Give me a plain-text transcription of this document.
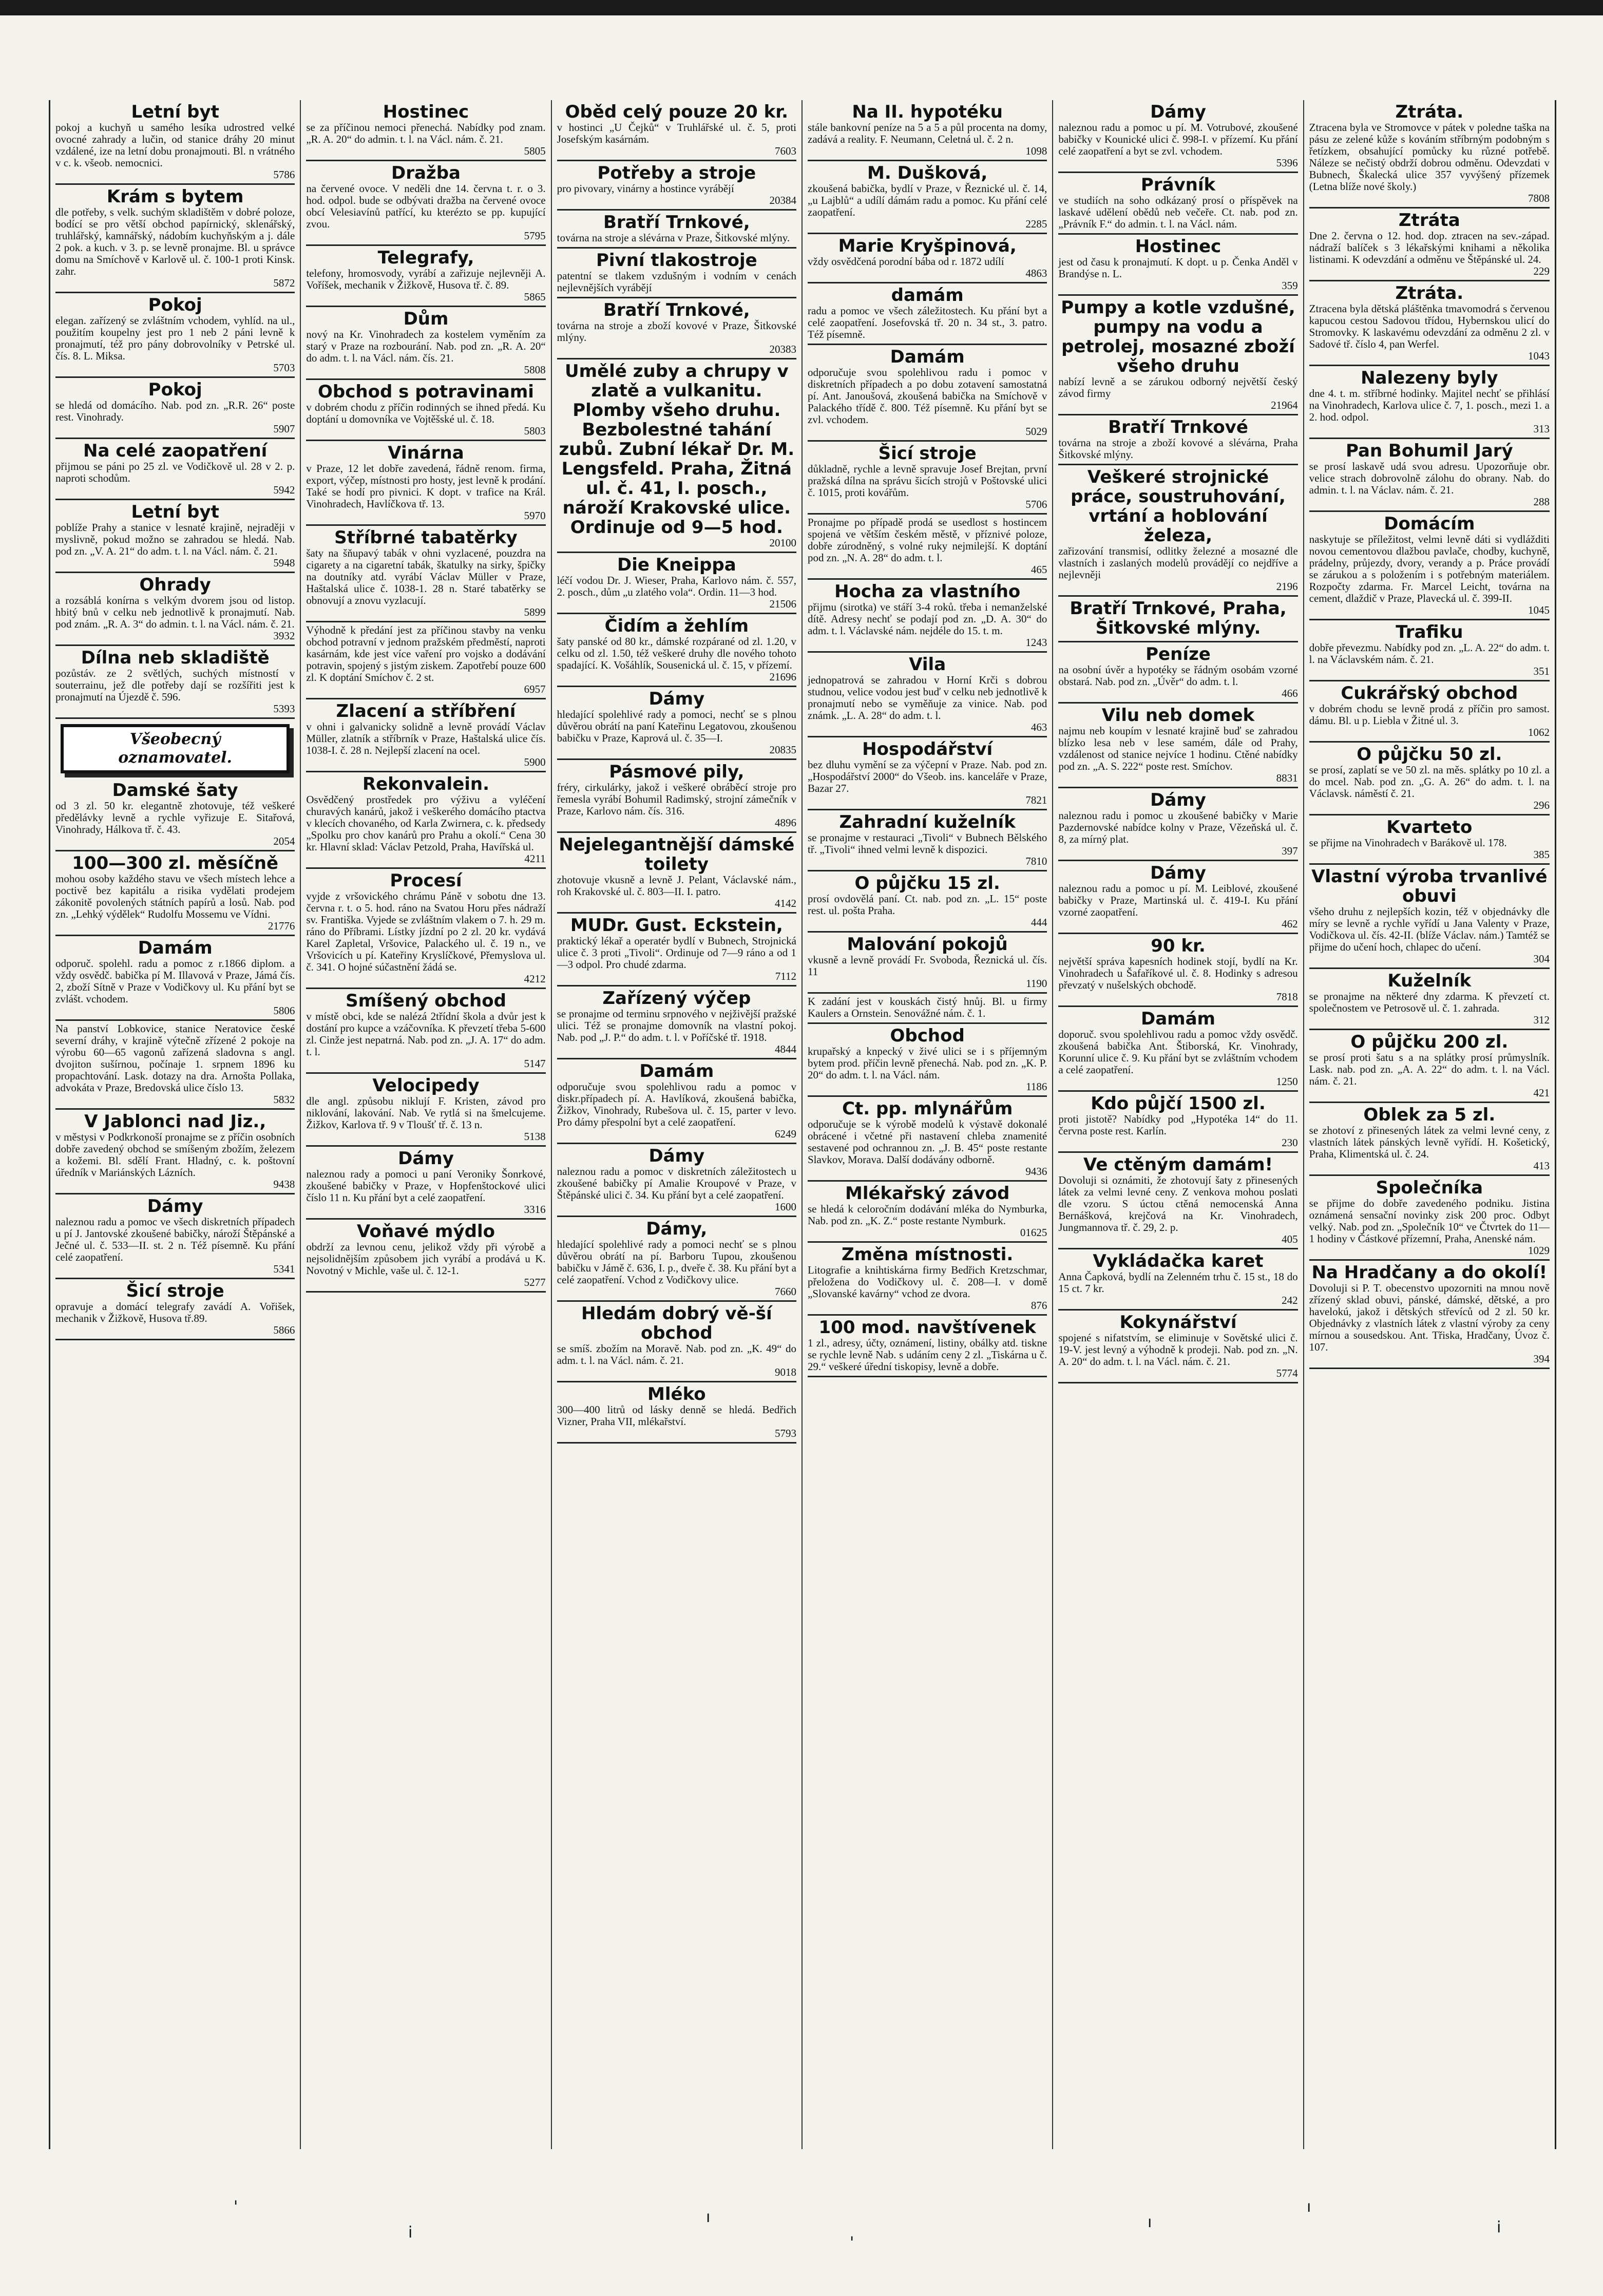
Letní byt

pokoj a kuchyň u samého lesíka udrostred velké ovocné zahrady a lučin, od stanice dráhy 20 minut vzdálené, ize na letní dobu pronajmouti. Bl. n vrátného v c. k. všeob. nemocnici.

5786
Krám s bytem

dle potřeby, s velk. suchým skladištěm v dobré poloze, bodící se pro větší obchod papírnický, sklenářský, truhlářský, kamnářský, nádobím kuchyňským a j. dále 2 pok. a kuch. v 3. p. se levně pronajme. Bl. u správce domu na Smíchově v Karlově ul. č. 100-1 proti Kinsk. zahr.

5872
Pokoj

elegan. zařízený se zvláštním vchodem, vyhlíd. na ul., použitím koupelny jest pro 1 neb 2 páni levně k pronajmutí, též pro pány dobrovolníky v Petrské ul. čís. 8. L. Miksa.

5703
Pokoj

se hledá od domácího. Nab. pod zn. „R.R. 26“ poste rest. Vinohrady.

5907
Na celé zaopatření

přijmou se páni po 25 zl. ve Vodičkově ul. 28 v 2. p. naproti schodům.

5942
Letní byt

poblíže Prahy a stanice v lesnaté krajině, nejraději v myslivně, pokud možno se zahradou se hledá. Nab. pod zn. „V. A. 21“ do adm. t. l. na Václ. nám. č. 21.

5948
Ohrady

a rozsáblá konírna s velkým dvorem jsou od listop. hbitý bnů v celku neb jednotlivě k pronajmutí. Nab. pod znám. „R. A. 3“ do admin. t. l. na Václ. nám. č. 21.

3932
Dílna neb skladiště

pozůstáv. ze 2 světlých, suchých místností v souterrainu, jež dle potřeby dají se rozšířiti jest k pronajmutí na Újezdě č. 596.

5393
Všeobecný
oznamovatel.
Damské šaty

od 3 zl. 50 kr. elegantně zhotovuje, též veškeré předělávky levně a rychle vyřizuje E. Sitařová, Vinohrady, Hálkova tř. č. 43.

2054
100—300 zl. měsíčně

mohou osoby každého stavu ve všech místech lehce a poctivě bez kapitálu a risika vydělati prodejem zákonitě povolených státních papírů a losů. Nab. pod zn. „Lehký výdělek“ Rudolfu Mossemu ve Vídni.

21776
Damám

odporuč. spolehl. radu a pomoc z r.1866 diplom. a vždy osvědč. babička pí M. Illavová v Praze, Jámá čís. 2, zboží Sítně v Praze v Vodičkovy ul. Ku přání byt se zvlášt. vchodem.

5806

Na panství Lobkovice, stanice Neratovice české severní dráhy, v krajině výtečně zřízené 2 pokoje na výrobu 60—65 vagonů zařízená sladovna s angl. dvojiton sušírnou, počínaje 1. srpnem 1896 ku propachtování. Lask. dotazy na dra. Arnošta Pollaka, advokáta v Praze, Bredovská ulice číslo 13.

5832
V Jablonci nad Jiz.,

v městysi v Podkrkonoší pronajme se z příčin osobních dobře zavedený obchod se smíšeným zbožím, železem a kožemi. Bl. sdělí Frant. Hladný, c. k. poštovní úředník v Mariánských Lázních.

9438
Dámy

naleznou radu a pomoc ve všech diskretních případech u pí J. Jantovské zkoušené babičky, nároží Štěpánské a Ječné ul. č. 533—II. st. 2 n. Též písemně. Ku přání celé zaopatření.

5341
Šicí stroje

opravuje a domácí telegrafy zavádí A. Vořišek, mechanik v Žižkově, Husova tř.89.

5866
Hostinec

se za příčinou nemoci přenechá. Nabídky pod znam. „R. A. 20“ do admin. t. l. na Václ. nám. č. 21.

5805
Dražba

na červené ovoce. V neděli dne 14. června t. r. o 3. hod. odpol. bude se odbývati dražba na červené ovoce obcí Velesiavínů patřící, ku kterézto se pp. kupující zvou.

5795
Telegrafy,

telefony, hromosvody, vyrábí a zařizuje nejlevněji A. Voříšek, mechanik v Žižkově, Husova tř. č. 89.

5865
Dům

nový na Kr. Vinohradech za kostelem vyměním za starý v Praze na rozbourání. Nab. pod zn. „R. A. 20“ do adm. t. l. na Václ. nám. čís. 21.

5808
Obchod s potravinami

v dobrém chodu z příčin rodinných se ihned předá. Ku doptání u domovníka ve Vojtěšské ul. č. 18.

5803
Vinárna

v Praze, 12 let dobře zavedená, řádně renom. firma, export, výčep, místnosti pro hosty, jest levně k prodání. Také se hodí pro pivnici. K dopt. v trafice na Král. Vinohradech, Havlíčkova tř. 13.

5970
Stříbrné tabatěrky

šaty na šňupavý tabák v ohni vyzlacené, pouzdra na cigarety a na cigaretní tabák, škatulky na sirky, špičky na doutníky atd. vyrábí Václav Müller v Praze, Haštalská ulice č. 1038-1. 28 n. Staré tabatěrky se obnovují a znovu vyzlacují.

5899

Výhodně k předání jest za příčinou stavby na venku obchod potravní v jednom pražském předměstí, naproti kasárnám, kde jest více vaření pro vojsko a dodávání potravin, spojený s jistým ziskem. Zapotřebí pouze 600 zl. K doptání Smíchov č. 2 st.

6957
Zlacení a stříbření

v ohni i galvanicky solidně a levně provádí Václav Müller, zlatník a stříbrník v Praze, Haštalská ulice čís. 1038-I. č. 28 n. Nejlepší zlacení na ocel.

5900
Rekonvalein.

Osvědčený prostředek pro výživu a vyléčení churavých kanárů, jakož i veškerého domácího ptactva v klecích chovaného, od Karla Zwirnera, c. k. předsedy „Spolku pro chov kanárů pro Prahu a okolí.“ Cena 30 kr. Hlavní sklad: Václav Petzold, Praha, Havířská ul.

4211
Procesí

vyjde z vršovického chrámu Páně v sobotu dne 13. června r. t. o 5. hod. ráno na Svatou Horu přes nádraží sv. Františka. Vyjede se zvláštním vlakem o 7. h. 29 m. ráno do Příbrami. Lístky jízdní po 2 zl. 20 kr. vydává Karel Zapletal, Vršovice, Palackého ul. č. 19 n., ve Vršovicích u pí. Kateřiny Kryslíčkové, Přemyslova ul. č. 341. O hojné súčastnění žádá se.

4212
Smíšený obchod

v místě obci, kde se nalézá 2třídní škola a dvůr jest k dostání pro kupce a vzáčovníka. K převzetí třeba 5-600 zl. Cinže jest nepatrná. Nab. pod zn. „J. A. 17“ do adm. t. l.

5147
Velocipedy

dle angl. způsobu niklují F. Kristen, závod pro niklování, lakování. Nab. Ve rytlá si na šmelcujeme. Žižkov, Karlova tř. 9 v Tloušť tř. č. 13 n.

5138
Dámy

naleznou rady a pomoci u paní Veroniky Šonrkové, zkoušené babičky v Praze, v Hopfenštockové ulici číslo 11 n. Ku přání byt a celé zaopatření.

3316
Voňavé mýdlo

obdrží za levnou cenu, jelikož vždy při výrobě a nejsolidnějším způsobem jich vyrábí a prodává u K. Novotný v Michle, vaše ul. č. 12-1.

5277
Oběd celý pouze 20 kr.

v hostinci „U Čejků“ v Truhlářské ul. č. 5, proti Josefským kasárnám.

7603
Potřeby a stroje

pro pivovary, vinárny a hostince vyrábějí

20384
Bratří Trnkové,

továrna na stroje a slévárna v Praze, Šitkovské mlýny.

Pivní tlakostroje

patentní se tlakem vzdušným i vodním v cenách nejlevnějších vyrábějí

Bratří Trnkové,

továrna na stroje a zboží kovové v Praze, Šitkovské mlýny.

20383
Umělé zuby a chrupy v zlatě a vulkanitu. Plomby všeho druhu. Bezbolestné tahání zubů. Zubní lékař Dr. M. Lengsfeld. Praha, Žitná ul. č. 41, I. posch., nároží Krakovské ulice. Ordinuje od 9—5 hod.
20100
Die Kneippa

léčí vodou Dr. J. Wieser, Praha, Karlovo nám. č. 557, 2. posch., dům „u zlatého vola“. Ordin. 11—3 hod.

21506
Čidím a žehlím

šaty panské od 80 kr., dámské rozpárané od zl. 1.20, v celku od zl. 1.50, též veškeré druhy dle nového tohoto spadající. K. Vošáhlík, Sousenická ul. č. 15, v přízemí.

21696
Dámy

hledající spolehlivé rady a pomoci, nechť se s plnou důvěrou obrátí na paní Kateřinu Legatovou, zkoušenou babičku v Praze, Kaprová ul. č. 35—I.

20835
Pásmové pily,

fréry, cirkulárky, jakož i veškeré obráběcí stroje pro řemesla vyrábí Bohumil Radimský, strojní zámečník v Praze, Karlovo nám. čís. 316.

4896
Nejelegantnější dámské toilety

zhotovuje vkusně a levně J. Pelant, Václavské nám., roh Krakovské ul. č. 803—II. I. patro.

4142
MUDr. Gust. Eckstein,

praktický lékař a operatér bydlí v Bubnech, Strojnická ulice č. 3 proti „Tivoli“. Ordinuje od 7—9 ráno a od 1—3 odpol. Pro chudé zdarma.

7112
Zařízený výčep

se pronajme od terminu srpnového v nejživější pražské ulici. Též se pronajme domovník na vlastní pokoj. Nab. pod „J. P.“ do adm. t. l. v Poříčské tř. 1918.

4844
Damám

odporučuje svou spolehlivou radu a pomoc v diskr.případech pí. A. Havlíková, zkoušená babička, Žižkov, Vinohrady, Rubešova ul. č. 15, parter v levo. Pro dámy přespolní byt a celé zaopatření.

6249
Dámy

naleznou radu a pomoc v diskretních záležitostech u zkoušené babičky pí Amalie Kroupové v Praze, v Štěpánské ulici č. 34. Ku přání byt a celé zaopatření.

1600
Dámy,

hledající spolehlivé rady a pomoci nechť se s plnou důvěrou obrátí na pí. Barboru Tupou, zkoušenou babičku v Jámě č. 636, I. p., dveře č. 38. Ku přání byt a celé zaopatření. Vchod z Vodičkovy ulice.

7660
Hledám dobrý vě-ší obchod

se smíš. zbožím na Moravě. Nab. pod zn. „K. 49“ do adm. t. l. na Václ. nám. č. 21.

9018
Mléko

300—400 litrů od lásky denně se hledá. Bedřich Vizner, Praha VII, mlékařství.

5793
Na II. hypotéku

stále bankovní peníze na 5 a 5 a půl procenta na domy, zadává a reality. F. Neumann, Celetná ul. č. 2 n.

1098
M. Dušková,

zkoušená babička, bydlí v Praze, v Řeznické ul. č. 14, „u Lajblů“ a udílí dámám radu a pomoc. Ku přání celé zaopatření.

2285
Marie Kryšpinová,

vždy osvědčená porodní bába od r. 1872 udílí

4863
damám

radu a pomoc ve všech záležitostech. Ku přání byt a celé zaopatření. Josefovská tř. 20 n. 34 st., 3. patro. Též písemně.

Damám

odporučuje svou spolehlivou radu i pomoc v diskretních případech a po dobu zotavení samostatná pí. Ant. Janoušová, zkoušená babička na Smíchově v Palackého třídě č. 800. Též písemně. Ku přání byt se zvl. vchodem.

5029
Šicí stroje

důkladně, rychle a levně spravuje Josef Brejtan, první pražská dílna na správu šicích strojů v Poštovské ulici č. 1015, proti kovářům.

5706

Pronajme po případě prodá se usedlost s hostincem spojená ve větším českém městě, v příznivé poloze, dobře zúrodněný, s volné ruky nejmilejší. K doptání pod zn. „N. A. 28“ do adm. t. l.

465
Hocha za vlastního

přijmu (sirotka) ve stáří 3-4 roků. třeba i nemanželské dítě. Adresy nechť se podají pod zn. „D. A. 30“ do adm. t. l. Václavské nám. nejdéle do 15. t. m.

1243
Vila

jednopatrová se zahradou v Horní Krči s dobrou studnou, velice vodou jest buď v celku neb jednotlivě k pronajmutí nebo se vyměňuje za vinice. Nab. pod známk. „L. A. 28“ do adm. t. l.

463
Hospodářství

bez dluhu vymění se za výčepní v Praze. Nab. pod zn. „Hospodářství 2000“ do Všeob. ins. kanceláře v Praze, Bazar 27.

7821
Zahradní kuželník

se pronajme v restauraci „Tivoli“ v Bubnech Bělského tř. „Tivoli“ ihned velmi levně k dispozici.

7810
O půjčku 15 zl.

prosí ovdovělá paní. Ct. nab. pod zn. „L. 15“ poste rest. ul. pošta Praha.

444
Malování pokojů

vkusně a levně provádí Fr. Svoboda, Řeznická ul. čís. 11

1190

K zadání jest v kouskách čistý hnůj. Bl. u firmy Kaulers a Ornstein. Senovážné nám. č. 1.

Obchod

krupařský a knpecký v živé ulici se i s příjemným bytem prod. příčin levně přenechá. Nab. pod zn. „K. P. 20“ do adm. t. l. na Václ. nám.

1186
Ct. pp. mlynářům

odporučuje se k výrobě modelů k výstavě dokonalé obrácené i včetné při nastavení chleba znamenité sestavené pod ochrannou zn. „J. B. 45“ poste restante Slavkov, Morava. Další dodávány odborně.

9436
Mlékařský závod

se hledá k celoročním dodávání mléka do Nymburka, Nab. pod zn. „K. Z.“ poste restante Nymburk.

01625
Změna místnosti.

Litografie a knihtiskárna firmy Bedřich Kretzschmar, přeložena do Vodičkovy ul. č. 208—I. v domě „Slovanské kavárny“ vchod ze dvora.

876
100 mod. navštívenek

1 zl., adresy, účty, oznámení, listiny, obálky atd. tiskne se rychle levně Nab. s udáním ceny 2 zl. „Tiskárna u č. 29.“ veškeré úřední tiskopisy, levně a dobře.

Dámy

naleznou radu a pomoc u pí. M. Votrubové, zkoušené babičky v Kounické ulici č. 998-I. v přízemí. Ku přání celé zaopatření a byt se zvl. vchodem.

5396
Právník

ve studiích na soho odkázaný prosí o příspěvek na laskavé udělení obědů neb večeře. Ct. nab. pod zn. „Právník F.“ do admin. t. l. na Václ. nám.

Hostinec

jest od času k pronajmutí. K dopt. u p. Čenka Anděl v Brandýse n. L.

359
Pumpy a kotle vzdušné, pumpy na vodu a petrolej, mosazné zboží všeho druhu

nabízí levně a se zárukou odborný největší český závod firmy

21964
Bratří Trnkové

továrna na stroje a zboží kovové a slévárna, Praha Šitkovské mlýny.

Veškeré strojnické práce, soustruhování, vrtání a hoblování železa,

zařizování transmisí, odlitky železné a mosazné dle vlastních i zaslaných modelů provádějí co nejdříve a nejlevněji

2196
Bratří Trnkové, Praha, Šitkovské mlýny.
Peníze

na osobní úvěr a hypotéky se řádným osobám vzorné obstará. Nab. pod zn. „Úvěr“ do adm. t. l.

466
Vilu neb domek

najmu neb koupím v lesnaté krajině buď se zahradou blízko lesa neb v lese samém, dále od Prahy, vzdálenost od stanice nejvíce 1 hodinu. Ctěné nabídky pod zn. „A. S. 222“ poste rest. Smíchov.

8831
Dámy

naleznou radu i pomoc u zkoušené babičky v Marie Pazdernovské nabídce kolny v Praze, Vězeňská ul. č. 8, za mírný plat.

397
Dámy

naleznou radu a pomoc u pí. M. Leiblové, zkoušené babičky v Praze, Martinská ul. č. 419-I. Ku přání vzorné zaopatření.

462
90 kr.

největší správa kapesních hodinek stojí, bydlí na Kr. Vinohradech u Šafaříkové ul. č. 8. Hodinky s adresou převzatý v nušelských obchodě.

7818
Damám

doporuč. svou spolehlivou radu a pomoc vždy osvědč. zkoušená babička Ant. Štiborská, Kr. Vinohrady, Korunní ulice č. 9. Ku přání byt se zvláštním vchodem a celé zaopatření.

1250
Kdo půjčí 1500 zl.

proti jistotě? Nabídky pod „Hypotéka 14“ do 11. června poste rest. Karlín.

230
Ve ctěným damám!

Dovoluji si oznámiti, že zhotovují šaty z přinesených látek za velmi levné ceny. Z venkova mohou poslati dle vzoru. S úctou ctěná nemocenská Anna Bernášková, krejčová na Kr. Vinohradech, Jungmannova tř. č. 29, 2. p.

405
Vykládačka karet

Anna Čapková, bydlí na Zelenném trhu č. 15 st., 18 do 15 ct. 7 kr.

242
Kokynářství

spojené s nifatstvím, se eliminuje v Sovětské ulici č. 19-V. jest levný a výhodně k prodeji. Nab. pod zn. „N. A. 20“ do adm. t. l. na Václ. nám. č. 21.

5774
Ztráta.

Ztracena byla ve Stromovce v pátek v poledne taška na pásu ze zelené kůže s kováním stříbrným podobným s řetízkem, obsahující pomůcky ku různé potřebě. Náleze se nečistý obdrží dobrou odměnu. Odevzdati v Bubnech, Škalecká ulice 357 vyvýšený přízemek (Letna blíže nové školy.)

7808
Ztráta

Dne 2. června o 12. hod. dop. ztracen na sev.-západ. nádraží balíček s 3 lékařskými knihami a několika listinami. K odevzdání a odměnu ve Štěpánské ul. 24.

229
Ztráta.

Ztracena byla dětská pláštěnka tmavomodrá s červenou kapucou cestou Sadovou třídou, Hybernskou ulicí do Stromovky. K laskavému odevzdání za odměnu 2 zl. v Sadové tř. číslo 4, pan Werfel.

1043
Nalezeny byly

dne 4. t. m. stříbrné hodinky. Majitel nechť se přihlásí na Vinohradech, Karlova ulice č. 7, 1. posch., mezi 1. a 2. hod. odpol.

313
Pan Bohumil Jarý

se prosí laskavě udá svou adresu. Upozorňuje obr. velice strach dobrovolně zálohu do obrany. Nab. do admin. t. l. na Václav. nám. č. 21.

288
Domácím

naskytuje se příležitost, velmi levně dáti si vydlážditi novou cementovou dlažbou pavlače, chodby, kuchyně, prádelny, průjezdy, dvory, verandy a p. Práce provádí se zárukou a s položením i s potřebným materiálem. Rozpočty zdarma. Fr. Marcel Leicht, továrna na cement, dlaždič v Praze, Plavecká ul. č. 399-II.

1045
Trafiku

dobře převezmu. Nabídky pod zn. „L. A. 22“ do adm. t. l. na Václavském nám. č. 21.

351
Cukrářský obchod

v dobrém chodu se levně prodá z příčin pro samost. dámu. Bl. u p. Liebla v Žitné ul. 3.

1062
O půjčku 50 zl.

se prosí, zaplatí se ve 50 zl. na měs. splátky po 10 zl. a do mcel. Nab. pod zn. „G. A. 26“ do adm. t. l. na Václavsk. náměstí č. 21.

296
Kvarteto

se přijme na Vinohradech v Barákově ul. 178.

385
Vlastní výroba trvanlivé obuvi

všeho druhu z nejlepších kozin, též v objednávky dle míry se levně a rychle vyřídí u Jana Valenty v Praze, Vodičkova ul. čís. 42-II. (blíže Václav. nám.) Tamtéž se přijme do učení hoch, chlapec do učení.

304
Kuželník

se pronajme na některé dny zdarma. K převzetí ct. společnostem ve Petrosově ul. č. 1. zahrada.

312
O půjčku 200 zl.

se prosí proti šatu s a na splátky prosí průmyslník. Lask. nab. pod zn. „A. A. 22“ do adm. t. l. na Václ. nám. č. 21.

421
Oblek za 5 zl.

se zhotoví z přinesených látek za velmi levné ceny, z vlastních látek pánských levně vyřídí. H. Košetický, Praha, Klimentská ul. č. 24.

413
Společníka

se přijme do dobře zavedeného podniku. Jistina oznámená sensační novinky zisk 200 proc. Odbyt velký. Nab. pod zn. „Společník 10“ ve Čtvrtek do 11—1 hodiny v Částkové přízemní, Praha, Anenské nám.

1029
Na Hradčany a do okolí!

Dovoluji si P. T. obecenstvo upozorniti na mnou nově zřízený sklad obuvi, pánské, dámské, dětské, a pro havelokú, jakož i dětských střevíců od 2 zl. 50 kr. Objednávky z vlastních látek z vlastní výroby za ceny mírnou a sousedskou. Ant. Třiska, Hradčany, Úvoz č. 107.

394
'
i
ı
'
ı
ı
i
